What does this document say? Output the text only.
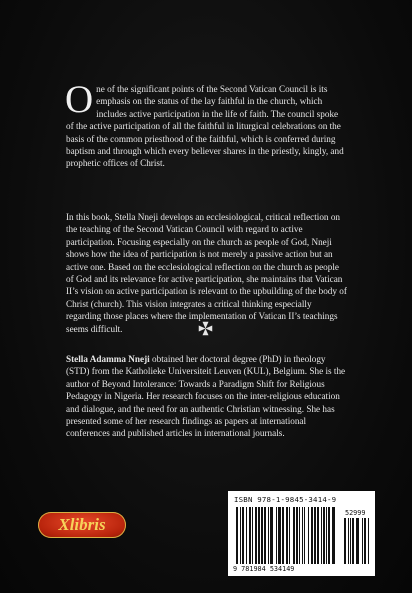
One of the significant points of the Second Vatican Council is its emphasis on the status of the lay faithful in the church, which includes active participation in the life of faith. The council spoke of the active participation of all the faithful in liturgical celebrations on the basis of the common priesthood of the faithful, which is conferred during baptism and through which every believer shares in the priestly, kingly, and prophetic offices of Christ.
In this book, Stella Nneji develops an ecclesiological, critical reflection on the teaching of the Second Vatican Council with regard to active participation. Focusing especially on the church as people of God, Nneji shows how the idea of participation is not merely a passive action but an active one. Based on the ecclesiological reflection on the church as people of God and its relevance for active participation, she maintains that Vatican II’s vision on active participation is relevant to the upbuilding of the body of Christ (church). This vision integrates a critical thinking especially regarding those places where the implementation of Vatican II’s teachings seems difficult.
Stella Adamma Nneji obtained her doctoral degree (PhD) in theology (STD) from the Katholieke Universiteit Leuven (KUL), Belgium. She is the author of Beyond Intolerance: Towards a Paradigm Shift for Religious Pedagogy in Nigeria. Her research focuses on the inter-religious education and dialogue, and the need for an authentic Christian witnessing. She has presented some of her research findings as papers at international conferences and published articles in international journals.
Xlibris
ISBN 978-1-9845-3414-9
52999
9 781984 534149
